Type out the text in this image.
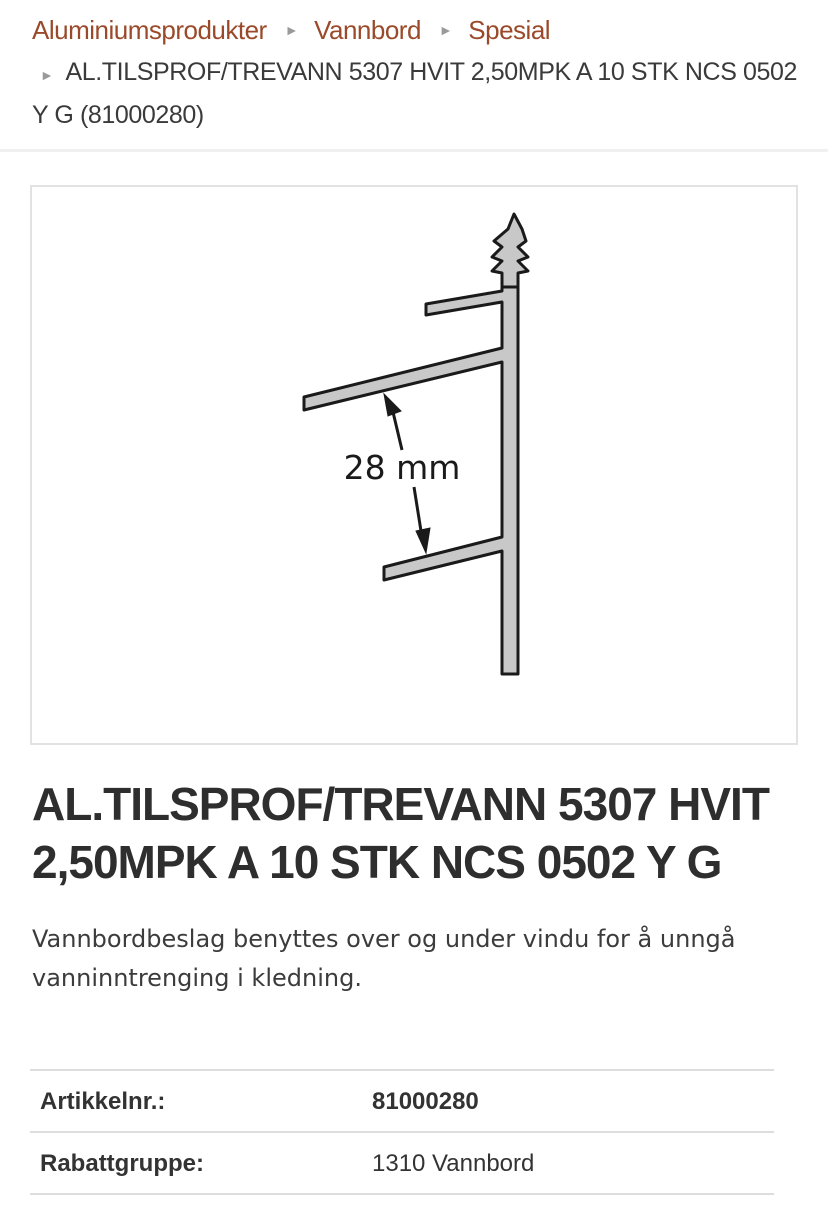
Aluminiumsprodukter ► Vannbord ► Spesial
► AL.TILSPROF/TREVANN 5307 HVIT 2,50MPK A 10 STK NCS 0502 Y G (81000280)
28 mm
AL.TILSPROF/TREVANN 5307 HVIT 2,50MPK A 10 STK NCS 0502 Y G

Vannbordbeslag benyttes over og under vindu for å unngå vanninntrenging i kledning.

Artikkelnr.:	81000280
Rabattgruppe:	1310 Vannbord
